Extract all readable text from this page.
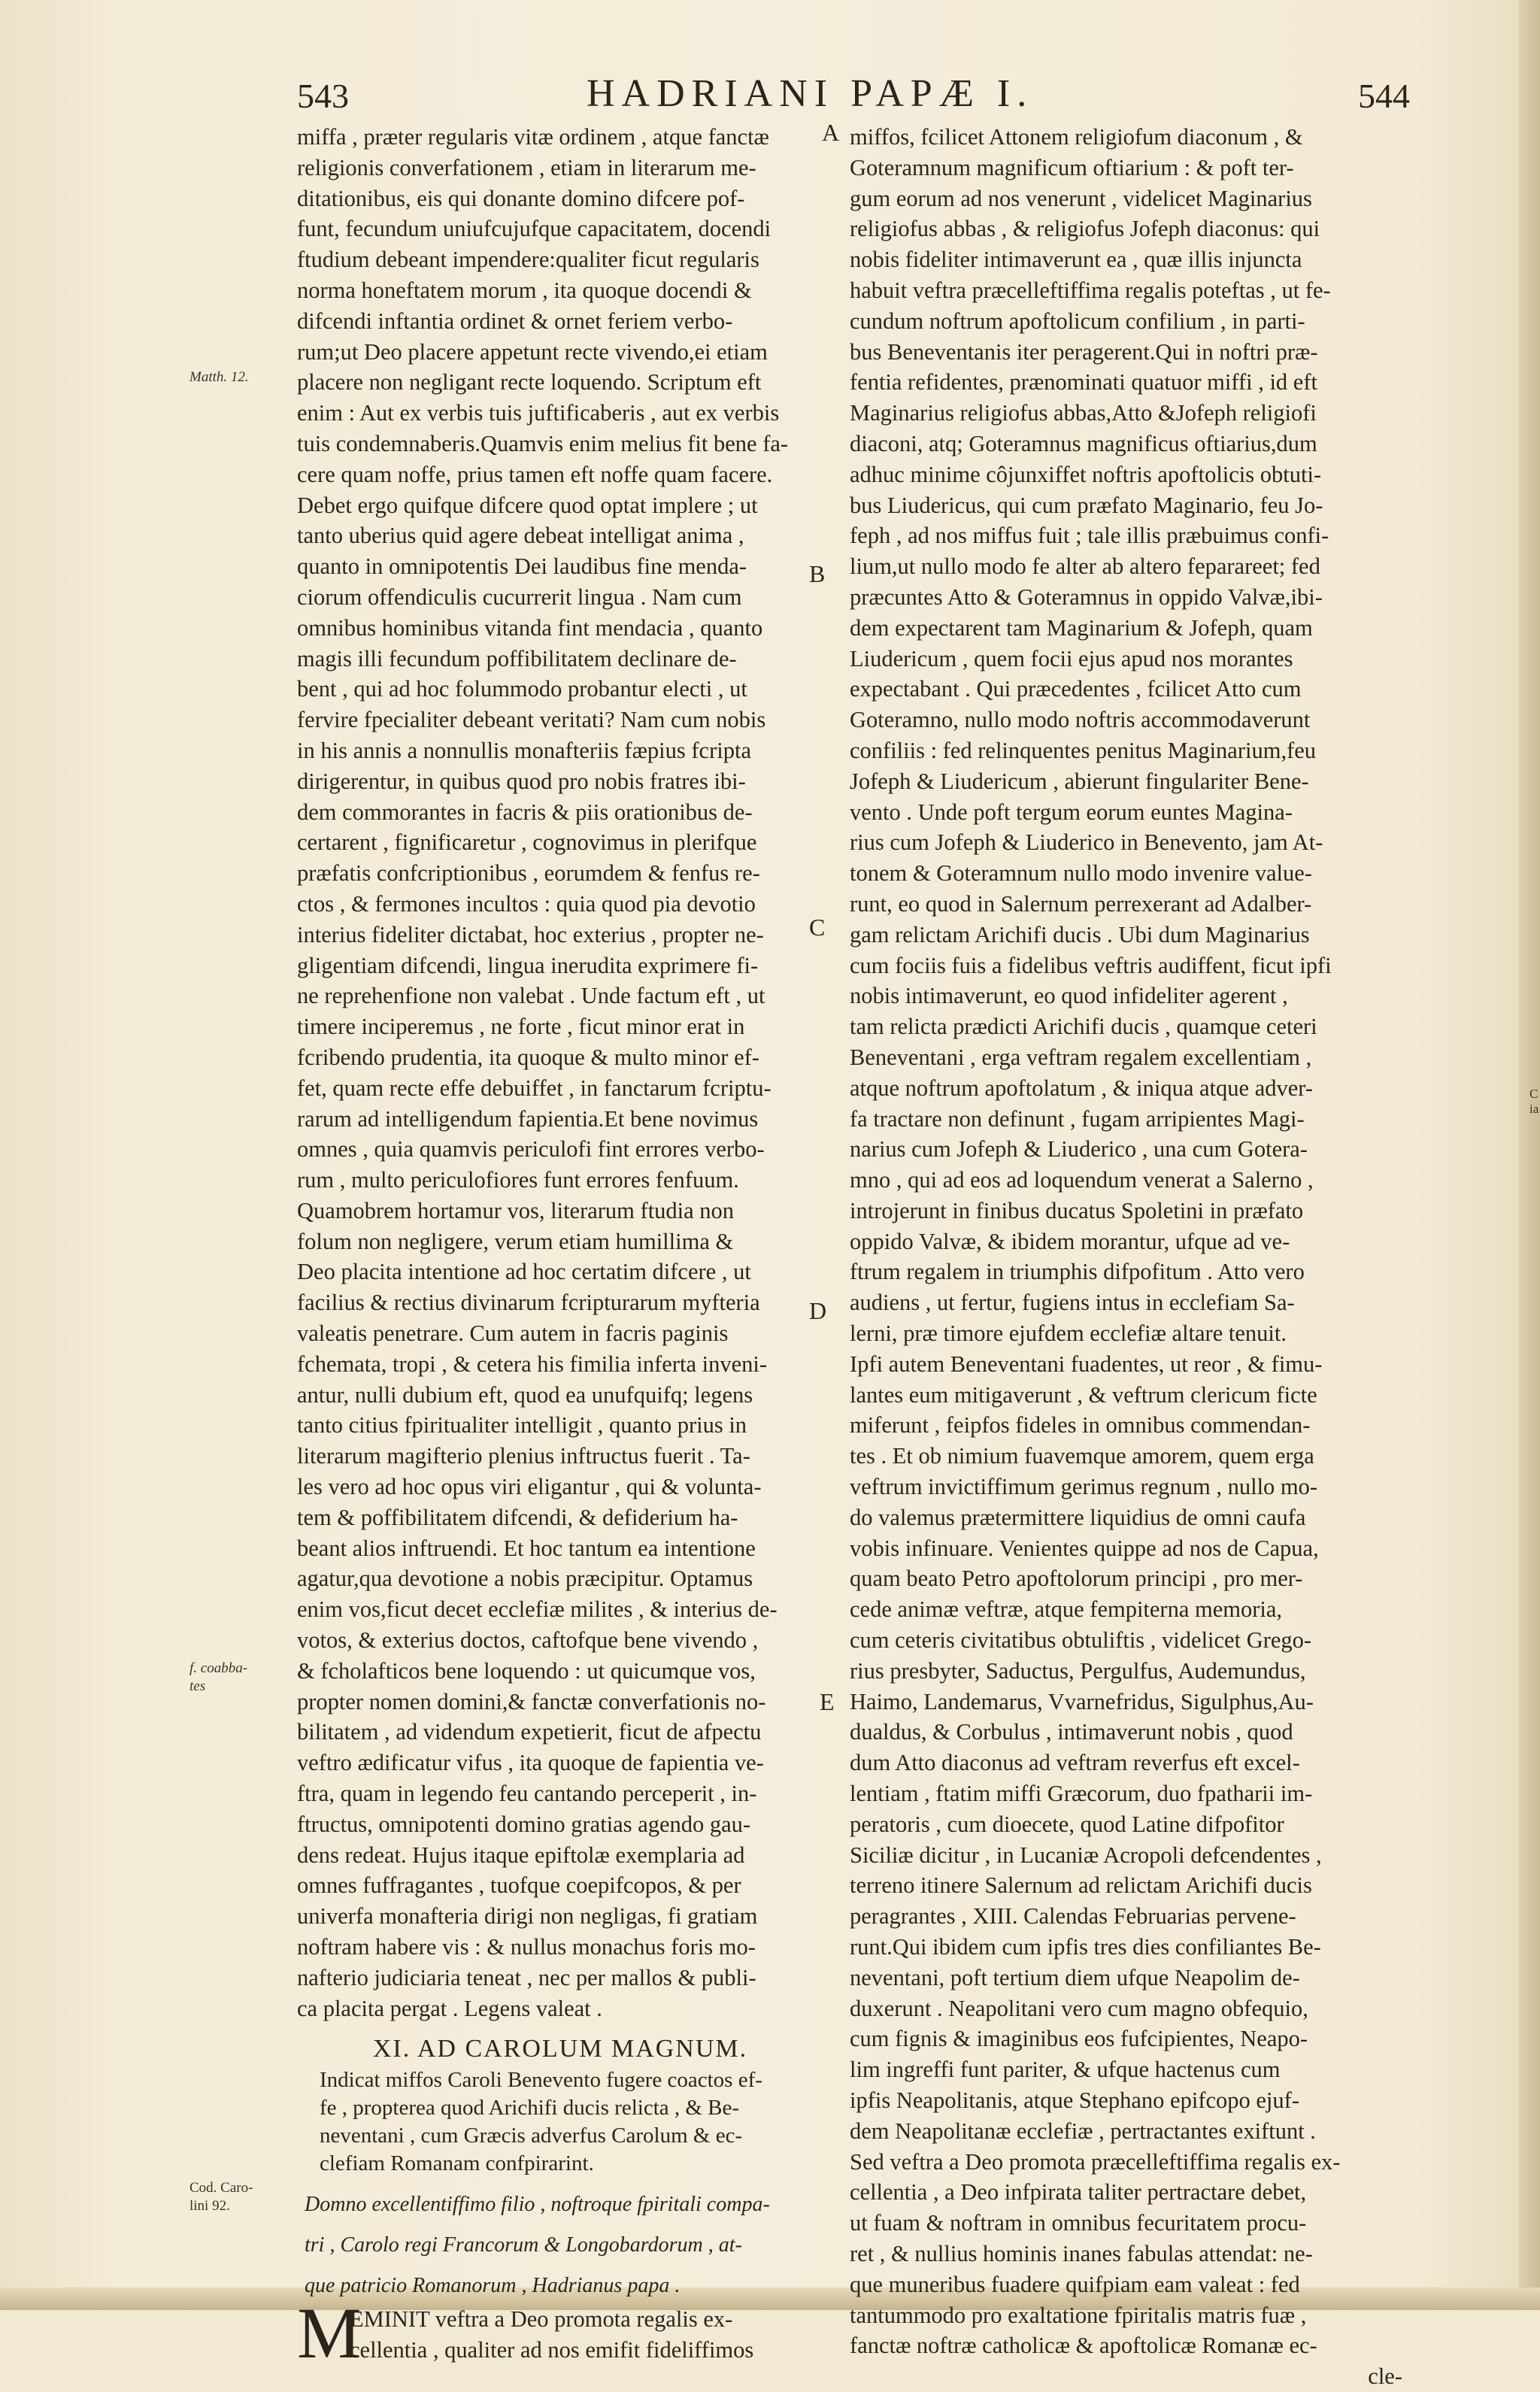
543	HADRIANI PAPÆ I.	544
Matth. 12.
f. coabba-
tes
Cod. Caro-
lini 92.
A
B
C
D
E
C
ia

miffa , præter regularis vitæ ordinem , atque fanctæ

religionis converfationem , etiam in literarum me-

ditationibus, eis qui donante domino difcere pof-

funt, fecundum uniufcujufque capacitatem, docendi

ftudium debeant impendere:qualiter ficut regularis

norma honeftatem morum , ita quoque docendi &

difcendi inftantia ordinet & ornet feriem verbo-

rum;ut Deo placere appetunt recte vivendo,ei etiam

placere non negligant recte loquendo. Scriptum eft

enim : Aut ex verbis tuis juftificaberis , aut ex verbis

tuis condemnaberis.Quamvis enim melius fit bene fa-

cere quam noffe, prius tamen eft noffe quam facere.

Debet ergo quifque difcere quod optat implere ; ut

tanto uberius quid agere debeat intelligat anima ,

quanto in omnipotentis Dei laudibus fine menda-

ciorum offendiculis cucurrerit lingua . Nam cum

omnibus hominibus vitanda fint mendacia , quanto

magis illi fecundum poffibilitatem declinare de-

bent , qui ad hoc folummodo probantur electi , ut

fervire fpecialiter debeant veritati? Nam cum nobis

in his annis a nonnullis monafteriis fæpius fcripta

dirigerentur, in quibus quod pro nobis fratres ibi-

dem commorantes in facris & piis orationibus de-

certarent , fignificaretur , cognovimus in plerifque

præfatis confcriptionibus , eorumdem & fenfus re-

ctos , & fermones incultos : quia quod pia devotio

interius fideliter dictabat, hoc exterius , propter ne-

gligentiam difcendi, lingua inerudita exprimere fi-

ne reprehenfione non valebat . Unde factum eft , ut

timere inciperemus , ne forte , ficut minor erat in

fcribendo prudentia, ita quoque & multo minor ef-

fet, quam recte effe debuiffet , in fanctarum fcriptu-

rarum ad intelligendum fapientia.Et bene novimus

omnes , quia quamvis periculofi fint errores verbo-

rum , multo periculofiores funt errores fenfuum.

Quamobrem hortamur vos, literarum ftudia non

folum non negligere, verum etiam humillima &

Deo placita intentione ad hoc certatim difcere , ut

facilius & rectius divinarum fcripturarum myfteria

valeatis penetrare. Cum autem in facris paginis

fchemata, tropi , & cetera his fimilia inferta inveni-

antur, nulli dubium eft, quod ea unufquifq; legens

tanto citius fpiritualiter intelligit , quanto prius in

literarum magifterio plenius inftructus fuerit . Ta-

les vero ad hoc opus viri eligantur , qui & volunta-

tem & poffibilitatem difcendi, & defiderium ha-

beant alios inftruendi. Et hoc tantum ea intentione

agatur,qua devotione a nobis præcipitur. Optamus

enim vos,ficut decet ecclefiæ milites , & interius de-

votos, & exterius doctos, caftofque bene vivendo ,

& fcholafticos bene loquendo : ut quicumque vos,

propter nomen domini,& fanctæ converfationis no-

bilitatem , ad videndum expetierit, ficut de afpectu

veftro ædificatur vifus , ita quoque de fapientia ve-

ftra, quam in legendo feu cantando perceperit , in-

ftructus, omnipotenti domino gratias agendo gau-

dens redeat. Hujus itaque epiftolæ exemplaria ad

omnes fuffragantes , tuofque coepifcopos, & per

univerfa monafteria dirigi non negligas, fi gratiam

noftram habere vis : & nullus monachus foris mo-

nafterio judiciaria teneat , nec per mallos & publi-

ca placita pergat . Legens valeat .

XI. AD CAROLUM MAGNUM.

Indicat miffos Caroli Benevento fugere coactos ef-

fe , propterea quod Arichifi ducis relicta , & Be-

neventani , cum Græcis adverfus Carolum & ec-

clefiam Romanam confpirarint.

Domno excellentiffimo filio , noftroque fpiritali compa-

tri , Carolo regi Francorum & Longobardorum , at-

que patricio Romanorum , Hadrianus papa .

M

EMINIT veftra a Deo promota regalis ex-

cellentia , qualiter ad nos emifit fideliffimos

miffos, fcilicet Attonem religiofum diaconum , &

Goteramnum magnificum oftiarium : & poft ter-

gum eorum ad nos venerunt , videlicet Maginarius

religiofus abbas , & religiofus Jofeph diaconus: qui

nobis fideliter intimaverunt ea , quæ illis injuncta

habuit veftra præcelleftiffima regalis poteftas , ut fe-

cundum noftrum apoftolicum confilium , in parti-

bus Beneventanis iter peragerent.Qui in noftri præ-

fentia refidentes, prænominati quatuor miffi , id eft

Maginarius religiofus abbas,Atto &Jofeph religiofi

diaconi, atq; Goteramnus magnificus oftiarius,dum

adhuc minime côjunxiffet noftris apoftolicis obtuti-

bus Liudericus, qui cum præfato Maginario, feu Jo-

feph , ad nos miffus fuit ; tale illis præbuimus confi-

lium,ut nullo modo fe alter ab altero feparareet; fed

præcuntes Atto & Goteramnus in oppido Valvæ,ibi-

dem expectarent tam Maginarium & Jofeph, quam

Liudericum , quem focii ejus apud nos morantes

expectabant . Qui præcedentes , fcilicet Atto cum

Goteramno, nullo modo noftris accommodaverunt

confiliis : fed relinquentes penitus Maginarium,feu

Jofeph & Liudericum , abierunt fingulariter Bene-

vento . Unde poft tergum eorum euntes Magina-

rius cum Jofeph & Liuderico in Benevento, jam At-

tonem & Goteramnum nullo modo invenire value-

runt, eo quod in Salernum perrexerant ad Adalber-

gam relictam Arichifi ducis . Ubi dum Maginarius

cum fociis fuis a fidelibus veftris audiffent, ficut ipfi

nobis intimaverunt, eo quod infideliter agerent ,

tam relicta prædicti Arichifi ducis , quamque ceteri

Beneventani , erga veftram regalem excellentiam ,

atque noftrum apoftolatum , & iniqua atque adver-

fa tractare non definunt , fugam arripientes Magi-

narius cum Jofeph & Liuderico , una cum Gotera-

mno , qui ad eos ad loquendum venerat a Salerno ,

introjerunt in finibus ducatus Spoletini in præfato

oppido Valvæ, & ibidem morantur, ufque ad ve-

ftrum regalem in triumphis difpofitum . Atto vero

audiens , ut fertur, fugiens intus in ecclefiam Sa-

lerni, præ timore ejufdem ecclefiæ altare tenuit.

Ipfi autem Beneventani fuadentes, ut reor , & fimu-

lantes eum mitigaverunt , & veftrum clericum ficte

miferunt , feipfos fideles in omnibus commendan-

tes . Et ob nimium fuavemque amorem, quem erga

veftrum invictiffimum gerimus regnum , nullo mo-

do valemus prætermittere liquidius de omni caufa

vobis infinuare. Venientes quippe ad nos de Capua,

quam beato Petro apoftolorum principi , pro mer-

cede animæ veftræ, atque fempiterna memoria,

cum ceteris civitatibus obtuliftis , videlicet Grego-

rius presbyter, Saductus, Pergulfus, Audemundus,

Haimo, Landemarus, Vvarnefridus, Sigulphus,Au-

dualdus, & Corbulus , intimaverunt nobis , quod

dum Atto diaconus ad veftram reverfus eft excel-

lentiam , ftatim miffi Græcorum, duo fpatharii im-

peratoris , cum dioecete, quod Latine difpofitor

Siciliæ dicitur , in Lucaniæ Acropoli defcendentes ,

terreno itinere Salernum ad relictam Arichifi ducis

peragrantes , XIII. Calendas Februarias pervene-

runt.Qui ibidem cum ipfis tres dies confiliantes Be-

neventani, poft tertium diem ufque Neapolim de-

duxerunt . Neapolitani vero cum magno obfequio,

cum fignis & imaginibus eos fufcipientes, Neapo-

lim ingreffi funt pariter, & ufque hactenus cum

ipfis Neapolitanis, atque Stephano epifcopo ejuf-

dem Neapolitanæ ecclefiæ , pertractantes exiftunt .

Sed veftra a Deo promota præcelleftiffima regalis ex-

cellentia , a Deo infpirata taliter pertractare debet,

ut fuam & noftram in omnibus fecuritatem procu-

ret , & nullius hominis inanes fabulas attendat: ne-

que muneribus fuadere quifpiam eam valeat : fed

tantummodo pro exaltatione fpiritalis matris fuæ ,

fanctæ noftræ catholicæ & apoftolicæ Romanæ ec-

cle-
